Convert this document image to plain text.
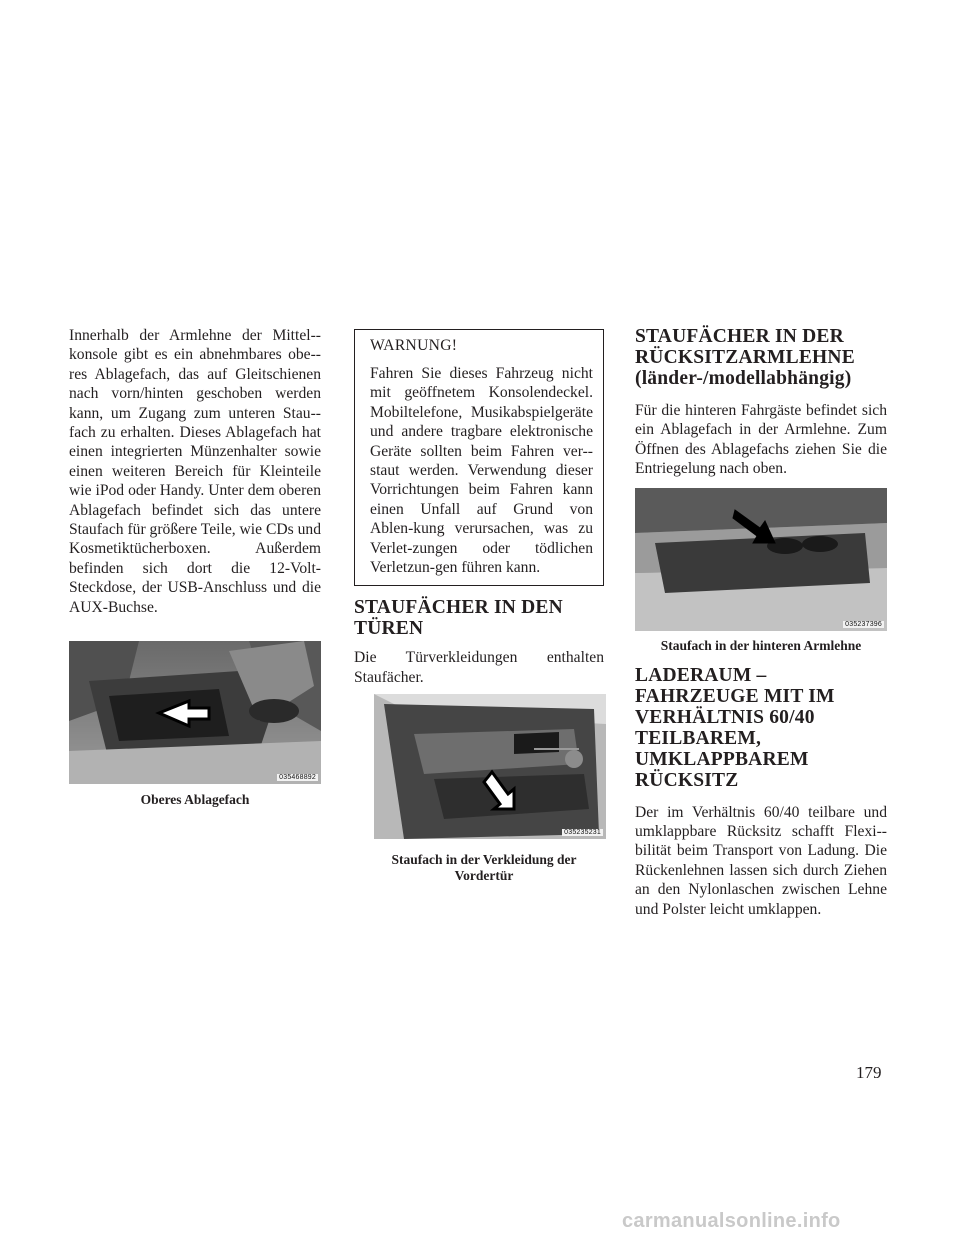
Innerhalb der Armlehne der Mittel-konsole gibt es ein abnehmbares obe-res Ablagefach, das auf Gleitschienen nach vorn/hinten geschoben werden kann, um Zugang zum unteren Stau-fach zu erhalten. Dieses Ablagefach hat einen integrierten Münzenhalter sowie einen weiteren Bereich für Kleinteile wie iPod oder Handy. Unter dem oberen Ablagefach befindet sich das untere Staufach für größere Teile, wie CDs und Kosmetiktücherboxen. Außerdem befinden sich dort die 12-Volt-Steckdose, der USB-Anschluss und die AUX-Buchse.

035468892
Oberes Ablagefach
WARNUNG!

Fahren Sie dieses Fahrzeug nicht mit geöffnetem Konsolendeckel. Mobiltelefone, Musikabspielgeräte und andere tragbare elektronische Geräte sollten beim Fahren ver-staut werden. Verwendung dieser Vorrichtungen beim Fahren kann einen Unfall auf Grund von Ablen-kung verursachen, was zu Verlet-zungen oder tödlichen Verletzun-gen führen kann.

STAUFÄCHER IN DEN TÜREN

Die Türverkleidungen enthalten Staufächer.

035235231
Staufach in der Verkleidung der Vordertür
STAUFÄCHER IN DER RÜCKSITZARMLEHNE
(länder-/modellabhängig)

Für die hinteren Fahrgäste befindet sich ein Ablagefach in der Armlehne. Zum Öffnen des Ablagefachs ziehen Sie die Entriegelung nach oben.

035237396
Staufach in der hinteren Armlehne
LADERAUM – FAHRZEUGE MIT IM VERHÄLTNIS 60/40 TEILBAREM, UMKLAPPBAREM RÜCKSITZ

Der im Verhältnis 60/40 teilbare und umklappbare Rücksitz schafft Flexi-bilität beim Transport von Ladung. Die Rückenlehnen lassen sich durch Ziehen an den Nylonlaschen zwischen Lehne und Polster leicht umklappen.

179
carmanualsonline.info
